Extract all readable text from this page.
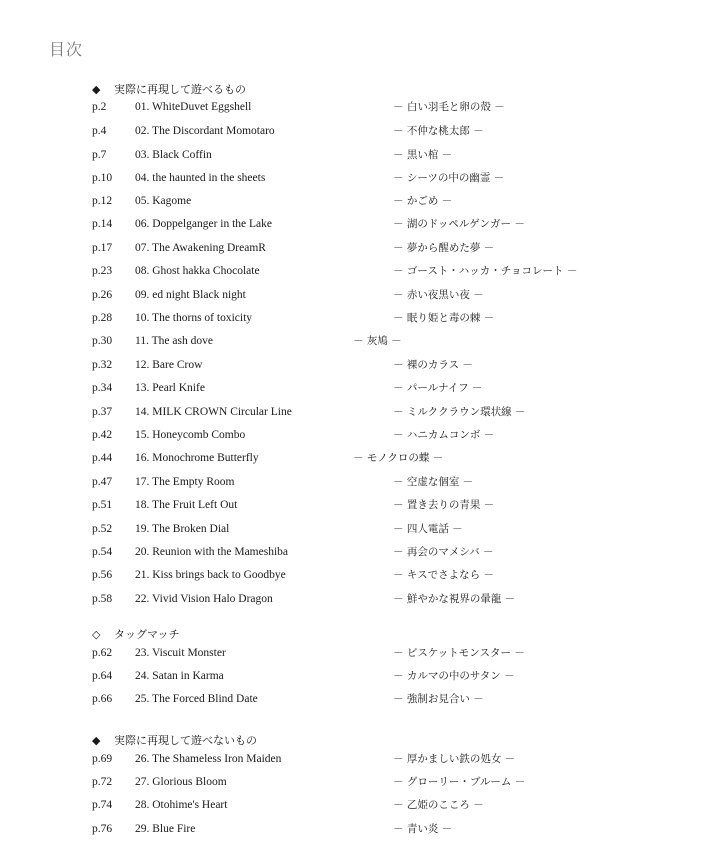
目次
◆ 実際に再現して遊べるもの
p.2 01. WhiteDuvet Eggshell	－ 白い羽毛と卵の殻 －
p.4 02. The Discordant Momotaro	－ 不仲な桃太郎 －
p.7 03. Black Coffin	－ 黒い棺 －
p.10 04. the haunted in the sheets	－ シーツの中の幽霊 －
p.12 05. Kagome	－ かごめ －
p.14 06. Doppelganger in the Lake	－ 湖のドッペルゲンガー －
p.17 07. The Awakening DreamR	－ 夢から醒めた夢 －
p.23 08. Ghost hakka Chocolate	－ ゴースト・ハッカ・チョコレート －
p.26 09. ed night Black night	－ 赤い夜黒い夜 －
p.28 10. The thorns of toxicity	－ 眠り姫と毒の棘 －
p.30 11. The ash dove	－ 灰鳩 －
p.32 12. Bare Crow	－ 裸のカラス －
p.34 13. Pearl Knife	－ パールナイフ －
p.37 14. MILK CROWN Circular Line	－ ミルククラウン環状線 －
p.42 15. Honeycomb Combo	－ ハニカムコンボ －
p.44 16. Monochrome Butterfly	－ モノクロの蝶 －
p.47 17. The Empty Room	－ 空虚な個室 －
p.51 18. The Fruit Left Out	－ 置き去りの青果 －
p.52 19. The Broken Dial	－ 四人電話 －
p.54 20. Reunion with the Mameshiba	－ 再会のマメシバ －
p.56 21. Kiss brings back to Goodbye	－ キスでさよなら －
p.58 22. Vivid Vision Halo Dragon	－ 鮮やかな視界の暈龍 －
◇ タッグマッチ
p.62 23. Viscuit Monster	－ ビスケットモンスター －
p.64 24. Satan in Karma	－ カルマの中のサタン －
p.66 25. The Forced Blind Date	－ 強制お見合い －
◆ 実際に再現して遊べないもの
p.69 26. The Shameless Iron Maiden	－ 厚かましい鉄の処女 －
p.72 27. Glorious Bloom	－ グローリー・ブルーム －
p.74 28. Otohime's Heart	－ 乙姫のこころ －
p.76 29. Blue Fire	－ 青い炎 －
